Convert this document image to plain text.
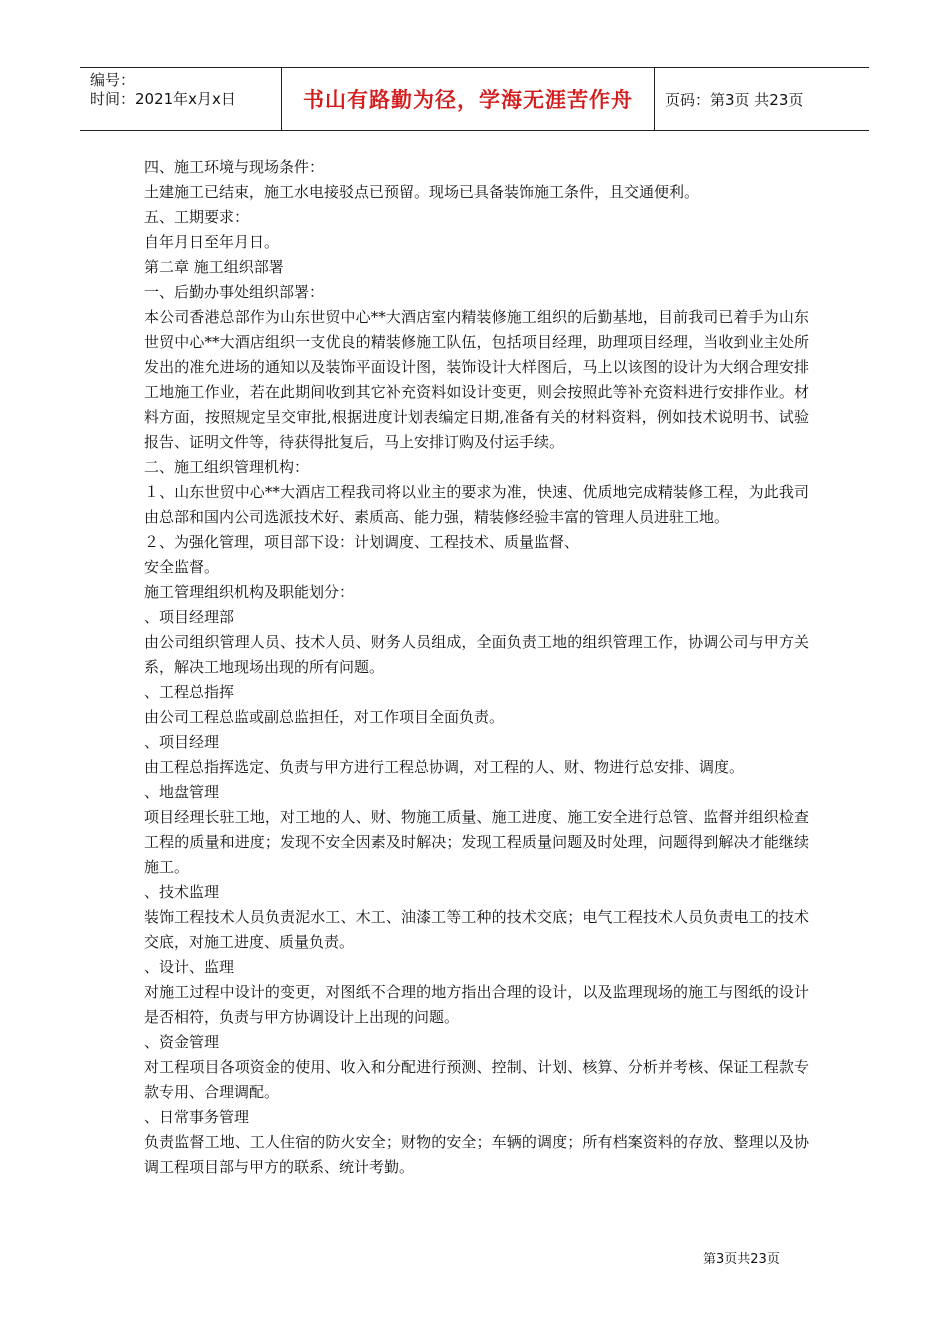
编号：
时间：2021年x月x日	书山有路勤为径，学海无涯苦作舟 页码：第3页 共23页

四、施工环境与现场条件：

土建施工已结束，施工水电接驳点已预留。现场已具备装饰施工条件，且交通便利。

五、工期要求：

自年月日至年月日。

第二章 施工组织部署

一、后勤办事处组织部署：

本公司香港总部作为山东世贸中心**大酒店室内精装修施工组织的后勤基地，目前我司已着手为山东世贸中心**大酒店组织一支优良的精装修施工队伍，包括项目经理，助理项目经理，当收到业主处所发出的准允进场的通知以及装饰平面设计图，装饰设计大样图后，马上以该图的设计为大纲合理安排工地施工作业，若在此期间收到其它补充资料如设计变更，则会按照此等补充资料进行安排作业。材料方面，按照规定呈交审批,根据进度计划表编定日期,准备有关的材料资料，例如技术说明书、试验报告、证明文件等，待获得批复后，马上安排订购及付运手续。

二、施工组织管理机构：

１、山东世贸中心**大酒店工程我司将以业主的要求为准，快速、优质地完成精装修工程，为此我司由总部和国内公司选派技术好、素质高、能力强，精装修经验丰富的管理人员进驻工地。

２、为强化管理，项目部下设：计划调度、工程技术、质量监督、

安全监督。

施工管理组织机构及职能划分：

、项目经理部

由公司组织管理人员、技术人员、财务人员组成，全面负责工地的组织管理工作，协调公司与甲方关系，解决工地现场出现的所有问题。

、工程总指挥

由公司工程总监或副总监担任，对工作项目全面负责。

、项目经理

由工程总指挥选定、负责与甲方进行工程总协调，对工程的人、财、物进行总安排、调度。

、地盘管理

项目经理长驻工地，对工地的人、财、物施工质量、施工进度、施工安全进行总管、监督并组织检查工程的质量和进度；发现不安全因素及时解决；发现工程质量问题及时处理，问题得到解决才能继续施工。

、技术监理

装饰工程技术人员负责泥水工、木工、油漆工等工种的技术交底；电气工程技术人员负责电工的技术交底，对施工进度、质量负责。

、设计、监理

对施工过程中设计的变更，对图纸不合理的地方指出合理的设计，以及监理现场的施工与图纸的设计是否相符，负责与甲方协调设计上出现的问题。

、资金管理

对工程项目各项资金的使用、收入和分配进行预测、控制、计划、核算、分析并考核、保证工程款专款专用、合理调配。

、日常事务管理

负责监督工地、工人住宿的防火安全；财物的安全；车辆的调度；所有档案资料的存放、整理以及协调工程项目部与甲方的联系、统计考勤。

第3页共23页
